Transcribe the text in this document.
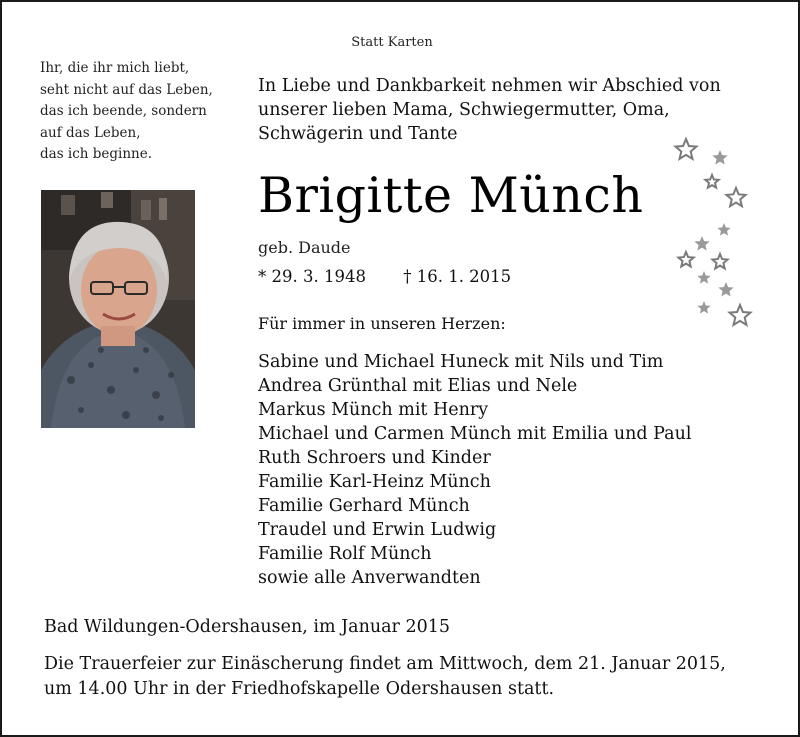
Statt Karten
Ihr, die ihr mich liebt,
seht nicht auf das Leben,
das ich beende, sondern
auf das Leben,
das ich beginne.
In Liebe und Dankbarkeit nehmen wir Abschied von
unserer lieben Mama, Schwiegermutter, Oma,
Schwägerin und Tante
Brigitte Münch
geb. Daude
* 29. 3. 1948 † 16. 1. 2015
Für immer in unseren Herzen:
Sabine und Michael Huneck mit Nils und Tim
Andrea Grünthal mit Elias und Nele
Markus Münch mit Henry
Michael und Carmen Münch mit Emilia und Paul
Ruth Schroers und Kinder
Familie Karl-Heinz Münch
Familie Gerhard Münch
Traudel und Erwin Ludwig
Familie Rolf Münch
sowie alle Anverwandten
Bad Wildungen-Odershausen, im Januar 2015
Die Trauerfeier zur Einäscherung findet am Mittwoch, dem 21. Januar 2015,
um 14.00 Uhr in der Friedhofskapelle Odershausen statt.
